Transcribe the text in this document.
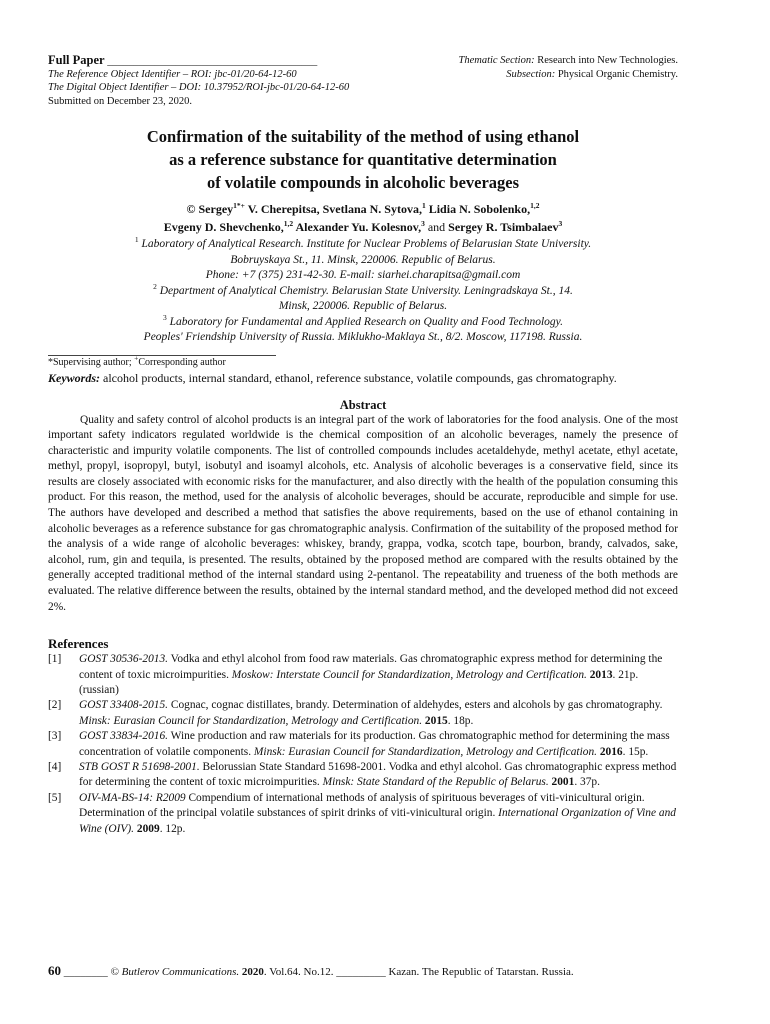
Full Paper ________________________________________	Thematic Section: Research into New Technologies.
The Reference Object Identifier – ROI: jbc-01/20-64-12-60	Subsection: Physical Organic Chemistry.
The Digital Object Identifier – DOI: 10.37952/ROI-jbc-01/20-64-12-60
Submitted on December 23, 2020.
Confirmation of the suitability of the method of using ethanol
as a reference substance for quantitative determination
of volatile compounds in alcoholic beverages
© Sergey$^{1*+}$ V. Cherepitsa, Svetlana N. Sytova,$^1$ Lidia N. Sobolenko,$^{1,2}$
Evgeny D. Shevchenko,$^{1,2}$ Alexander Yu. Kolesnov,$^3$ and Sergey R. Tsimbalaev$^3$
$^1$ Laboratory of Analytical Research. Institute for Nuclear Problems of Belarusian State University.
Bobruyskaya St., 11. Minsk, 220006. Republic of Belarus.
Phone: +7 (375) 231-42-30. E-mail: siarhei.charapitsa@gmail.com
$^2$ Department of Analytical Chemistry. Belarusian State University. Leningradskaya St., 14.
Minsk, 220006. Republic of Belarus.
$^3$ Laboratory for Fundamental and Applied Research on Quality and Food Technology.
Peoples' Friendship University of Russia. Miklukho-Maklaya St., 8/2. Moscow, 117198. Russia.
*Supervising author; +Corresponding author
Keywords: alcohol products, internal standard, ethanol, reference substance, volatile compounds, gas chromatography.
Abstract

Quality and safety control of alcohol products is an integral part of the work of laboratories for the food analysis. One of the most important safety indicators regulated worldwide is the chemical composition of an alcoholic beverages, namely the presence of characteristic and impurity volatile components. The list of controlled compounds includes acetaldehyde, methyl acetate, ethyl acetate, methyl, propyl, isopropyl, butyl, isobutyl and isoamyl alcohols, etc. Analysis of alcoholic beverages is a conservative field, since its results are closely associated with economic risks for the manufacturer, and also directly with the health of the population consuming this product. For this reason, the method, used for the analysis of alcoholic beverages, should be accurate, reproducible and simple for use. The authors have developed and described a method that satisfies the above requirements, based on the use of ethanol containing in alcoholic beverages as a reference substance for gas chromatographic analysis. Confirmation of the suitability of the proposed method for the analysis of a wide range of alcoholic beverages: whiskey, brandy, grappa, vodka, scotch tape, bourbon, brandy, calvados, sake, alcohol, rum, gin and tequila, is presented. The results, obtained by the proposed method are compared with the results obtained by the generally accepted traditional method of the internal standard using 2-pentanol. The repeatability and trueness of the both methods are evaluated. The relative difference between the results, obtained by the internal standard method, and the developed method did not exceed 2%.

References
[1] GOST 30536-2013. Vodka and ethyl alcohol from food raw materials. Gas chromatographic express method for determining the content of toxic microimpurities. Moskow: Interstate Council for Standardization, Metrology and Certification. 2013. 21p. (russian)
[2] GOST 33408-2015. Cognac, cognac distillates, brandy. Determination of aldehydes, esters and alcohols by gas chromatography. Minsk: Eurasian Council for Standardization, Metrology and Certification. 2015. 18p.
[3] GOST 33834-2016. Wine production and raw materials for its production. Gas chromatographic method for determining the mass concentration of volatile components. Minsk: Eurasian Council for Standardization, Metrology and Certification. 2016. 15p.
[4] STB GOST R 51698-2001. Belorussian State Standard 51698-2001. Vodka and ethyl alcohol. Gas chromatographic express method for determining the content of toxic microimpurities. Minsk: State Standard of the Republic of Belarus. 2001. 37p.
[5] OIV-MA-BS-14: R2009 Compendium of international methods of analysis of spirituous beverages of viti-vinicultural origin. Determination of the principal volatile substances of spirit drinks of viti-vinicultural origin. International Organization of Vine and Wine (OIV). 2009. 12p.
60 ________ © Butlerov Communications. 2020. Vol.64. No.12. _________ Kazan. The Republic of Tatarstan. Russia.
